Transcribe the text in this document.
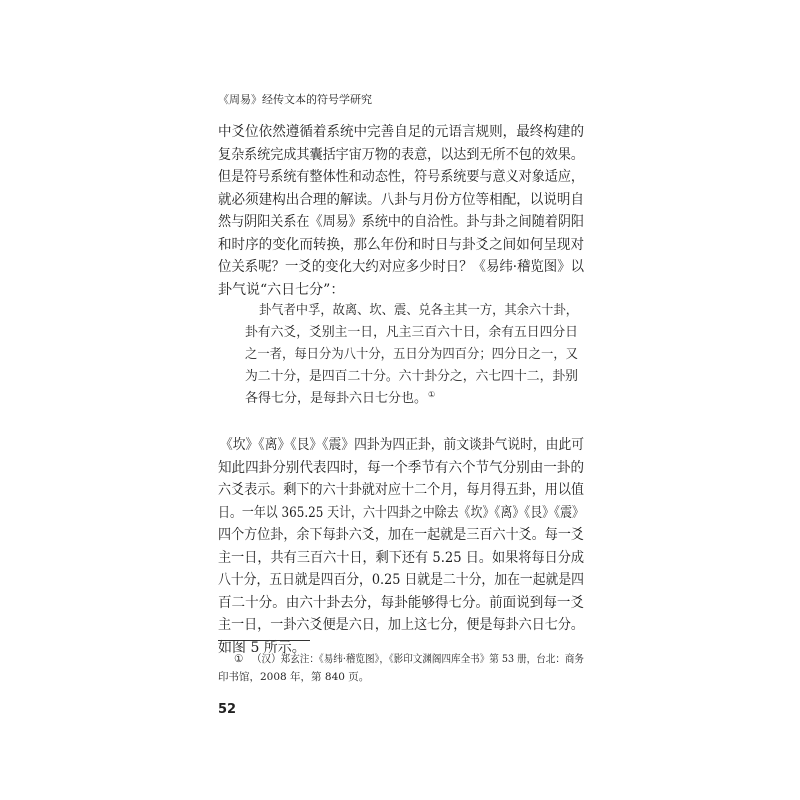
《周易》经传文本的符号学研究
中爻位依然遵循着系统中完善自足的元语言规则，最终构建的
复杂系统完成其囊括宇宙万物的表意，以达到无所不包的效果。
但是符号系统有整体性和动态性，符号系统要与意义对象适应，
就必须建构出合理的解读。八卦与月份方位等相配，以说明自
然与阴阳关系在《周易》系统中的自洽性。卦与卦之间随着阴阳
和时序的变化而转换，那么年份和时日与卦爻之间如何呈现对
位关系呢？一爻的变化大约对应多少时日？《易纬·稽览图》以
卦气说“六日七分”：
卦气者中孚，故离、坎、震、兑各主其一方，其余六十卦，
卦有六爻，爻别主一日，凡主三百六十日，余有五日四分日
之一者，每日分为八十分，五日分为四百分；四分日之一，又
为二十分，是四百二十分。六十卦分之，六七四十二，卦别
各得七分，是每卦六日七分也。①
《坎》《离》《艮》《震》四卦为四正卦，前文谈卦气说时，由此可
知此四卦分别代表四时，每一个季节有六个节气分别由一卦的
六爻表示。剩下的六十卦就对应十二个月，每月得五卦，用以值
日。一年以 365.25 天计，六十四卦之中除去《坎》《离》《艮》《震》
四个方位卦，余下每卦六爻，加在一起就是三百六十爻。每一爻
主一日，共有三百六十日，剩下还有 5.25 日。如果将每日分成
八十分，五日就是四百分，0.25 日就是二十分，加在一起就是四
百二十分。由六十卦去分，每卦能够得七分。前面说到每一爻
主一日，一卦六爻便是六日，加上这七分，便是每卦六日七分。
如图 5 所示。
① （汉）郑玄注：《易纬·稽览图》，《影印文渊阁四库全书》第 53 册，台北：商务
印书馆，2008 年，第 840 页。
52
